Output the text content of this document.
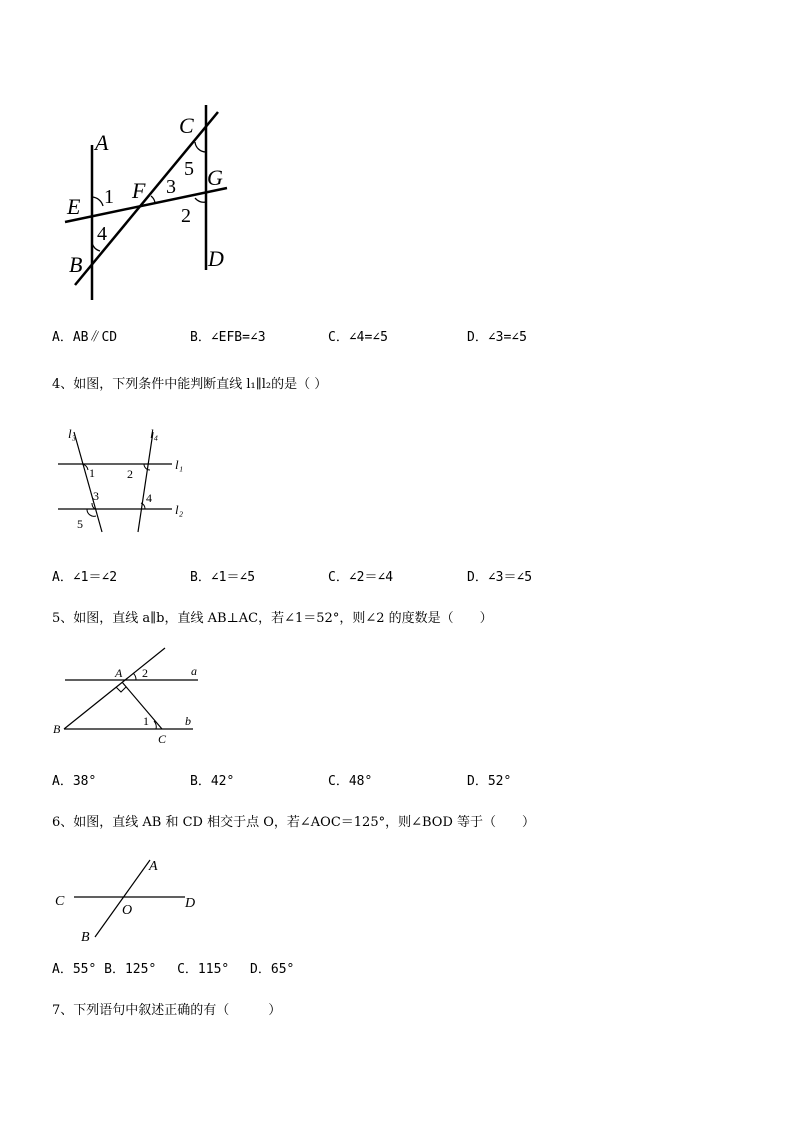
A
C
E
F
G
B	D
1	3
5
2
4
A．AB∥CD	B．∠EFB=∠3	C．∠4=∠5	D．∠3=∠5
4、如图，下列条件中能判断直线 l₁∥l₂的是（ ）
l₃	l₄
l₁
l₂
1	2
3	4
5
A．∠1＝∠2	B．∠1＝∠5	C．∠2＝∠4	D．∠3＝∠5
5、如图，直线 a∥b，直线 AB⊥AC，若∠1＝52°，则∠2 的度数是（　　）
A
B
C
a
b
1
2
A．38°	B．42°	C．48°	D．52°
6、如图，直线 AB 和 CD 相交于点 O，若∠AOC＝125°，则∠BOD 等于（　　）
A
C
O	D
B
A．55° B．125°　 C．115°　 D．65°
7、下列语句中叙述正确的有（　　　）
